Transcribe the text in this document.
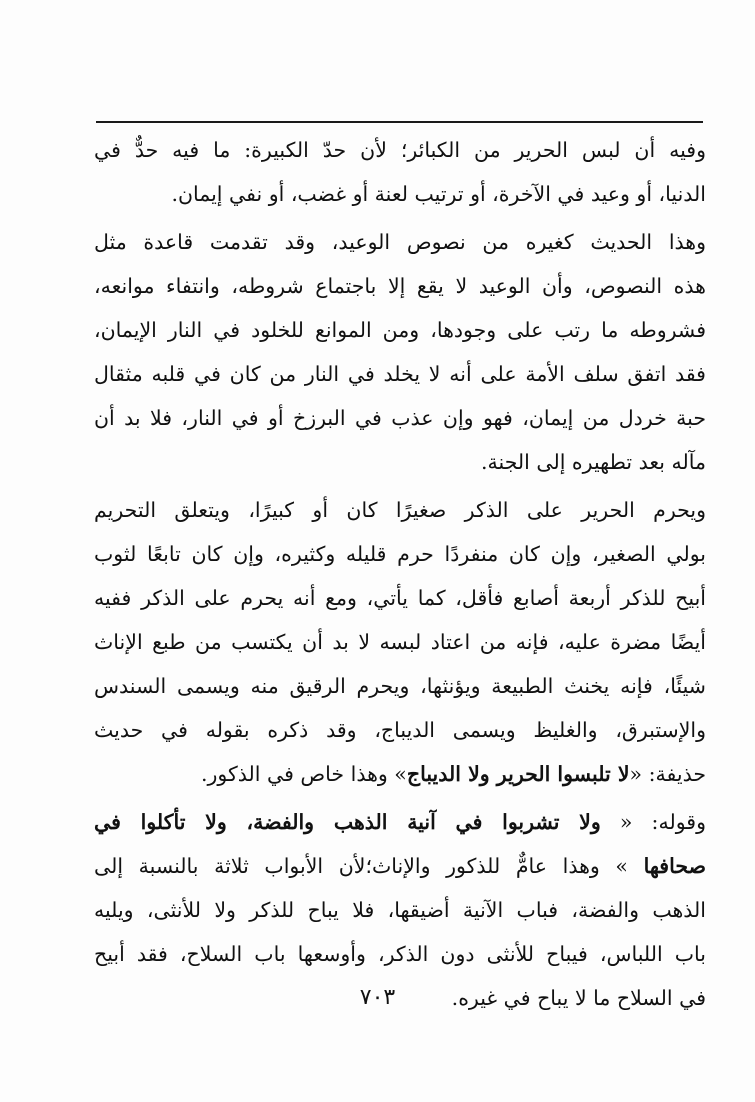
وفيه أن لبس الحرير من الكبائر؛ لأن حدّ الكبيرة: ما فيه حدٌّ في
الدنيا، أو وعيد في الآخرة، أو ترتيب لعنة أو غضب، أو نفي إيمان.
وهذا الحديث كغيره من نصوص الوعيد، وقد تقدمت قاعدة مثل
هذه النصوص، وأن الوعيد لا يقع إلا باجتماع شروطه، وانتفاء موانعه،
فشروطه ما رتب على وجودها، ومن الموانع للخلود في النار الإيمان،
فقد اتفق سلف الأمة على أنه لا يخلد في النار من كان في قلبه مثقال
حبة خردل من إيمان، فهو وإن عذب في البرزخ أو في النار، فلا بد أن
مآله بعد تطهيره إلى الجنة.
ويحرم الحرير على الذكر صغيرًا كان أو كبيرًا، ويتعلق التحريم
بولي الصغير، وإن كان منفردًا حرم قليله وكثيره، وإن كان تابعًا لثوب
أبيح للذكر أربعة أصابع فأقل، كما يأتي، ومع أنه يحرم على الذكر ففيه
أيضًا مضرة عليه، فإنه من اعتاد لبسه لا بد أن يكتسب من طبع الإناث
شيئًا، فإنه يخنث الطبيعة ويؤنثها، ويحرم الرقيق منه ويسمى السندس
والإستبرق، والغليظ ويسمى الديباج، وقد ذكره بقوله في حديث
حذيفة: «لا تلبسوا الحرير ولا الديباج» وهذا خاص في الذكور.
وقوله: « ولا تشربوا في آنية الذهب والفضة، ولا تأكلوا في
صحافها » وهذا عامٌّ للذكور والإناث؛لأن الأبواب ثلاثة بالنسبة إلى
الذهب والفضة، فباب الآنية أضيقها، فلا يباح للذكر ولا للأنثى، ويليه
باب اللباس، فيباح للأنثى دون الذكر، وأوسعها باب السلاح، فقد أبيح
في السلاح ما لا يباح في غيره.
٧٠٣
